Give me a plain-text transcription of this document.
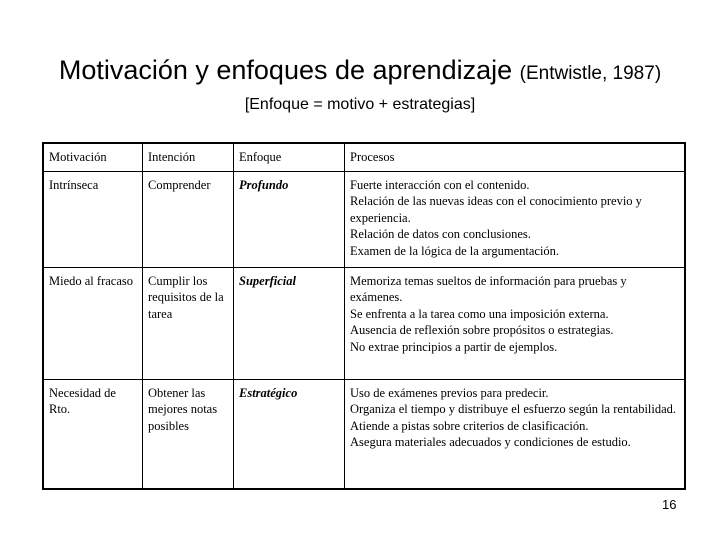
Motivación y enfoques de aprendizaje (Entwistle, 1987)
[Enfoque = motivo + estrategias]
Motivación	Intención	Enfoque	Procesos
Intrínseca	Comprender	Profundo	Fuerte interacción con el contenido.
Relación de las nuevas ideas con el conocimiento previo y experiencia.
Relación de datos con conclusiones.
Examen de la lógica de la argumentación.

Miedo al fracaso	Cumplir los requisitos de la tarea	Superficial	Memoriza temas sueltos de información para pruebas y exámenes.
Se enfrenta a la tarea como una imposición externa.
Ausencia de reflexión sobre propósitos o estrategias.
No extrae principios a partir de ejemplos.

Necesidad de Rto.	Obtener las mejores notas posibles	Estratégico	Uso de exámenes previos para predecir.
Organiza el tiempo y distribuye el esfuerzo según la rentabilidad.
Atiende a pistas sobre criterios de clasificación.
Asegura materiales adecuados y condiciones de estudio.
16
